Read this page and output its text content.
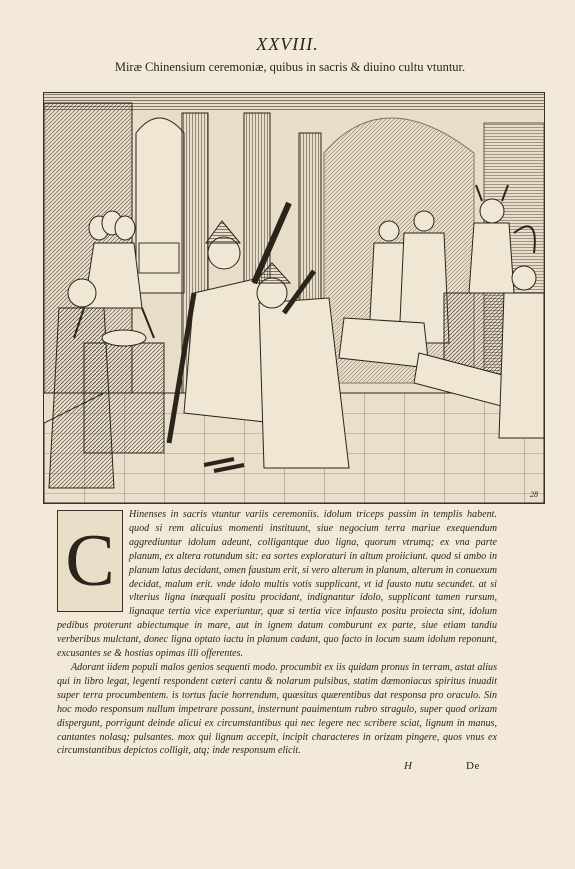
XXVIII.
Miræ Chinensium ceremoniæ, quibus in sacris & diuino cultu vtuntur.
28
C

Hinenses in sacris vtuntur variis ceremoniis. idolum triceps passim in templis habent. quod si rem alicuius momenti instituunt, siue negocium terra marìue exequendum aggrediuntur idolum adeunt, colligantque duo ligna, quorum vtrumq; ex vna parte planum, ex altera rotundum sit: ea sortes exploraturi in altum proiiciunt. quod si ambo in planum latus decidant, omen faustum erit, si vero alterum in planum, alterum in conuexum decidat, malum erit. vnde idolo multis votis supplicant, vt id fausto nutu secundet. at si vlterius ligna inæquali positu procidant, indignantur idolo, supplicant tamen rursum, lignaque tertia vice experiuntur, quæ si tertia vice infausto positu proiecta sint, idolum pedibus proterunt abiectumque in mare, aut in ignem datum comburunt ex parte, siue etiam tandiu verberibus mulctant, donec ligna optato iactu in planum cadant, quo facto in locum suum idolum reponunt, excusantes se & hostias opimas illi offerentes.

Adorant iidem populi malos genios sequenti modo. procumbit ex iis quidam pronus in terram, astat alius qui in libro legat, legenti respondent cæteri cantu & nolarum pulsibus, statim dæmoniacus spiritus inuadit super terra procumbentem. is tortus facie horrendum, quæsitus quærentibus dat responsa pro oraculo. Sin hoc modo responsum nullum impetrare possunt, insternunt pauimentum rubro stragulo, super quod orizam dispergunt, porrigunt deinde alicui ex circumstantibus qui nec legere nec scribere sciat, lignum in manus, cantantes nolasq; pulsantes. mox qui lignum accepit, incipit characteres in orizam pingere, quos vnus ex circumstantibus depictos colligit, atq; inde responsum elicit.

H	De
